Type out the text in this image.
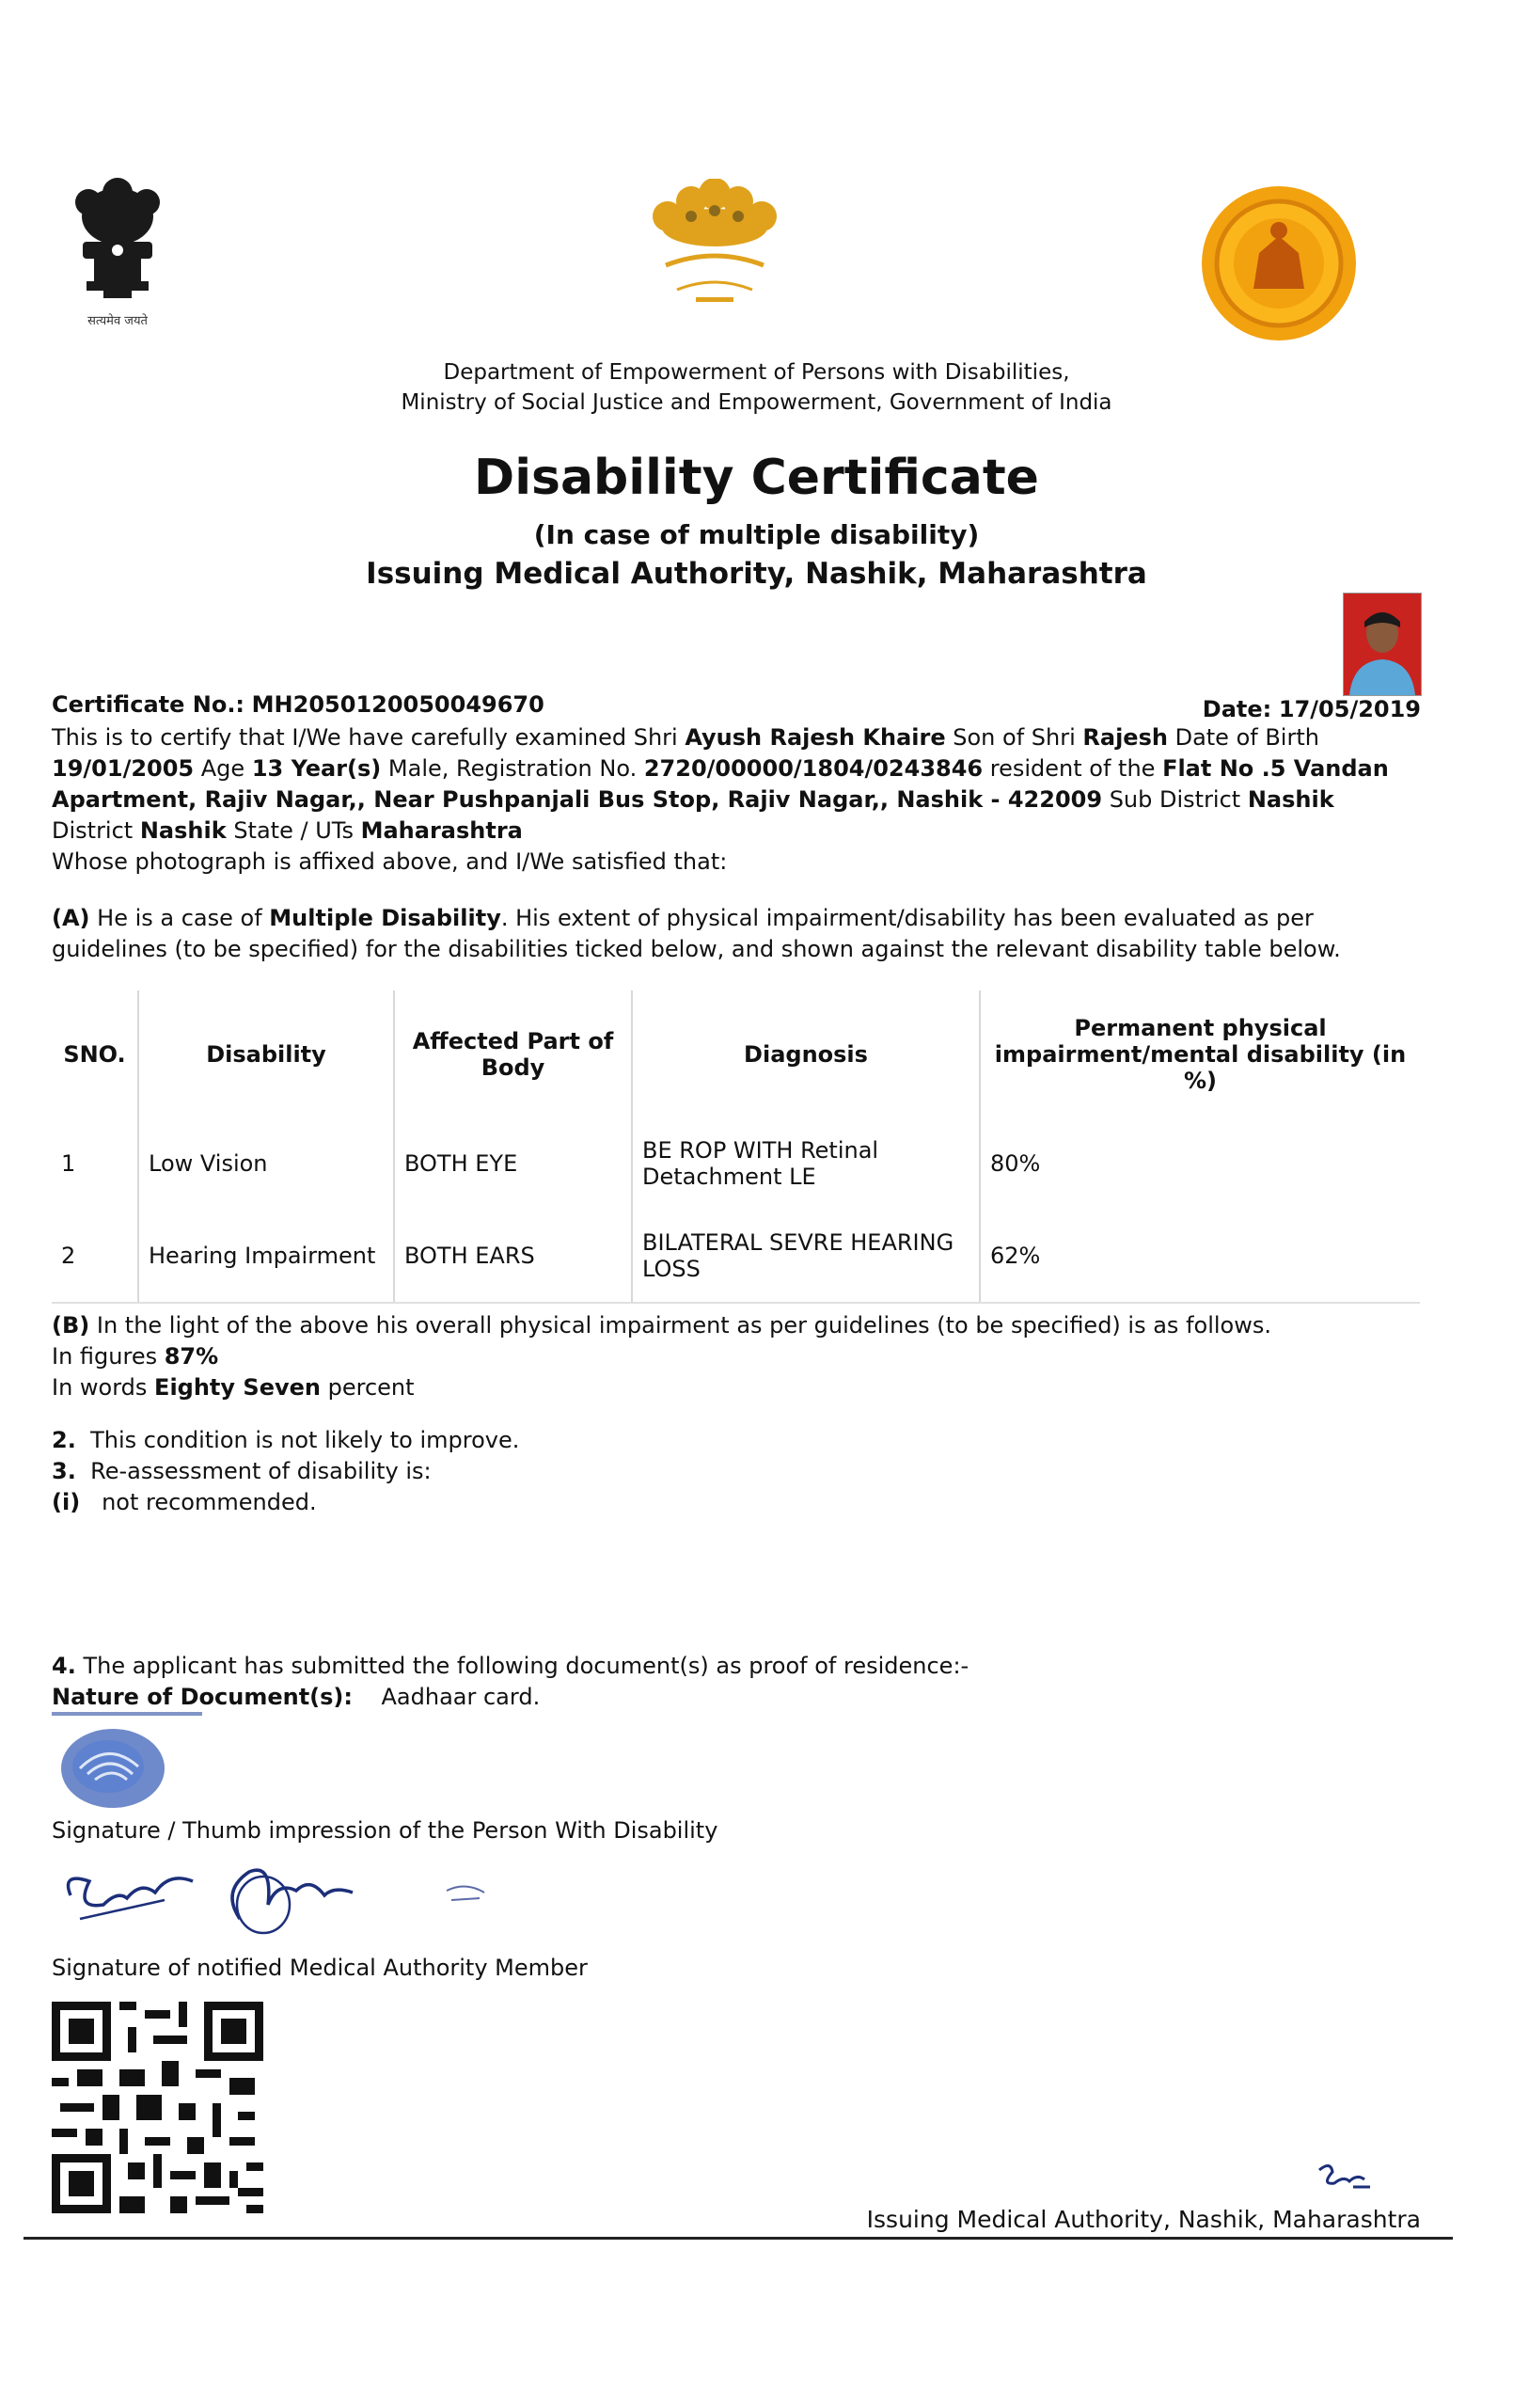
सत्यमेव जयते
Department of Empowerment of Persons with Disabilities,
Ministry of Social Justice and Empowerment, Government of India
Disability Certificate
(In case of multiple disability)
Issuing Medical Authority, Nashik, Maharashtra
Certificate No.: MH2050120050049670	Date: 17/05/2019
This is to certify that I/We have carefully examined Shri Ayush Rajesh Khaire Son of Shri Rajesh Date of Birth 19/01/2005 Age 13 Year(s) Male, Registration No. 2720/00000/1804/0243846 resident of the Flat No .5 Vandan Apartment, Rajiv Nagar,, Near Pushpanjali Bus Stop, Rajiv Nagar,, Nashik - 422009 Sub District Nashik District Nashik State / UTs Maharashtra
Whose photograph is affixed above, and I/We satisfied that:
(A) He is a case of Multiple Disability. His extent of physical impairment/disability has been evaluated as per guidelines (to be specified) for the disabilities ticked below, and shown against the relevant disability table below.
SNO.	Disability	Affected Part of Body	Diagnosis	Permanent physical impairment/mental disability (in %)
1	Low Vision	BOTH EYE	BE ROP WITH Retinal Detachment LE	80%
2	Hearing Impairment	BOTH EARS	BILATERAL SEVRE HEARING LOSS	62%
(B) In the light of the above his overall physical impairment as per guidelines (to be specified) is as follows.
In figures 87%
In words Eighty Seven percent
2. This condition is not likely to improve.
3. Re-assessment of disability is:
(i) not recommended.
4. The applicant has submitted the following document(s) as proof of residence:-
Nature of Document(s): Aadhaar card.
Signature / Thumb impression of the Person With Disability
Signature of notified Medical Authority Member
Issuing Medical Authority, Nashik, Maharashtra
